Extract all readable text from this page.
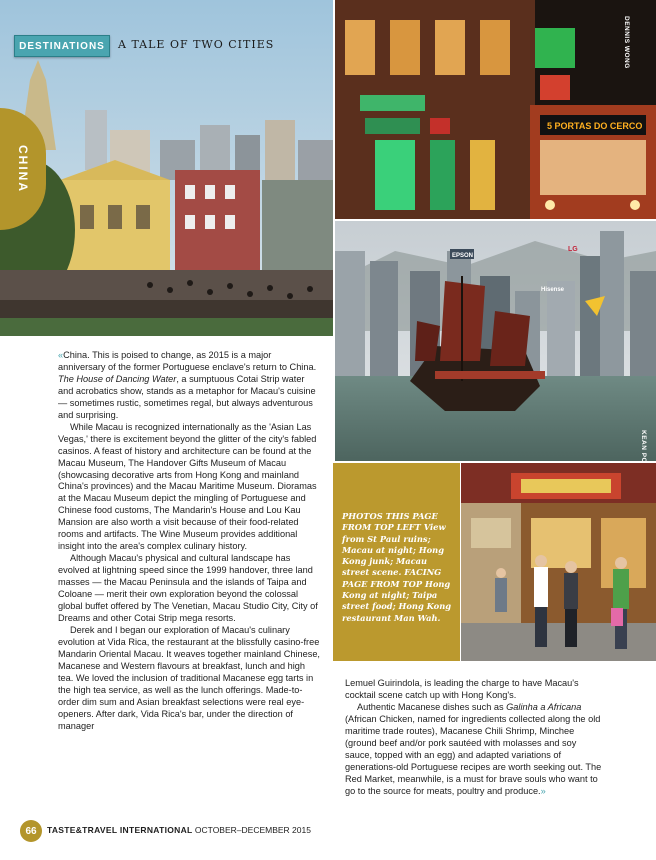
DESTINATIONS	A TALE OF TWO CITIES
CHINA
5 PORTAS DO CERCO
DENNIS WONG
EPSON
Hisense
LG
KEAN PO

PHOTOS THIS PAGE FROM TOP LEFT View from St Paul ruins; Macau at night; Hong Kong junk; Macau street scene. FACING PAGE FROM TOP Hong Kong at night; Taipa street food; Hong Kong restaurant Man Wah.

«China. This is poised to change, as 2015 is a major anniversary of the former Portuguese enclave's return to China. The House of Dancing Water, a sumptuous Cotai Strip water and acrobatics show, stands as a metaphor for Macau's cuisine — sometimes rustic, sometimes regal, but always adventurous and surprising.

While Macau is recognized internationally as the 'Asian Las Vegas,' there is excitement beyond the glitter of the city's fabled casinos. A feast of history and architecture can be found at the Macau Museum, The Handover Gifts Museum of Macau (showcasing decorative arts from Hong Kong and mainland China's provinces) and the Macau Maritime Museum. Dioramas at the Macau Museum depict the mingling of Portuguese and Chinese food customs, The Mandarin's House and Lou Kau Mansion are also worth a visit because of their food-related rooms and artifacts. The Wine Museum provides additional insight into the area's complex culinary history.

Although Macau's physical and cultural landscape has evolved at lightning speed since the 1999 handover, three land masses — the Macau Peninsula and the islands of Taipa and Coloane — merit their own exploration beyond the colossal global buffet offered by The Venetian, Macau Studio City, City of Dreams and other Cotai Strip mega resorts.

Derek and I began our exploration of Macau's culinary evolution at Vida Rica, the restaurant at the blissfully casino-free Mandarin Oriental Macau. It weaves together mainland Chinese, Macanese and Western flavours at breakfast, lunch and high tea. We loved the inclusion of traditional Macanese egg tarts in the high tea service, as well as the lunch offerings. Made-to-order dim sum and Asian breakfast selections were real eye-openers. After dark, Vida Rica's bar, under the direction of manager

Lemuel Guirindola, is leading the charge to have Macau's cocktail scene catch up with Hong Kong's.

Authentic Macanese dishes such as Galinha a Africana (African Chicken, named for ingredients collected along the old maritime trade routes), Macanese Chili Shrimp, Minchee (ground beef and/or pork sautéed with molasses and soy sauce, topped with an egg) and adapted variations of generations-old Portuguese recipes are worth seeking out. The Red Market, meanwhile, is a must for brave souls who want to go to the source for meats, poultry and produce.»

66	TASTE&TRAVEL INTERNATIONAL OCTOBER–DECEMBER 2015
